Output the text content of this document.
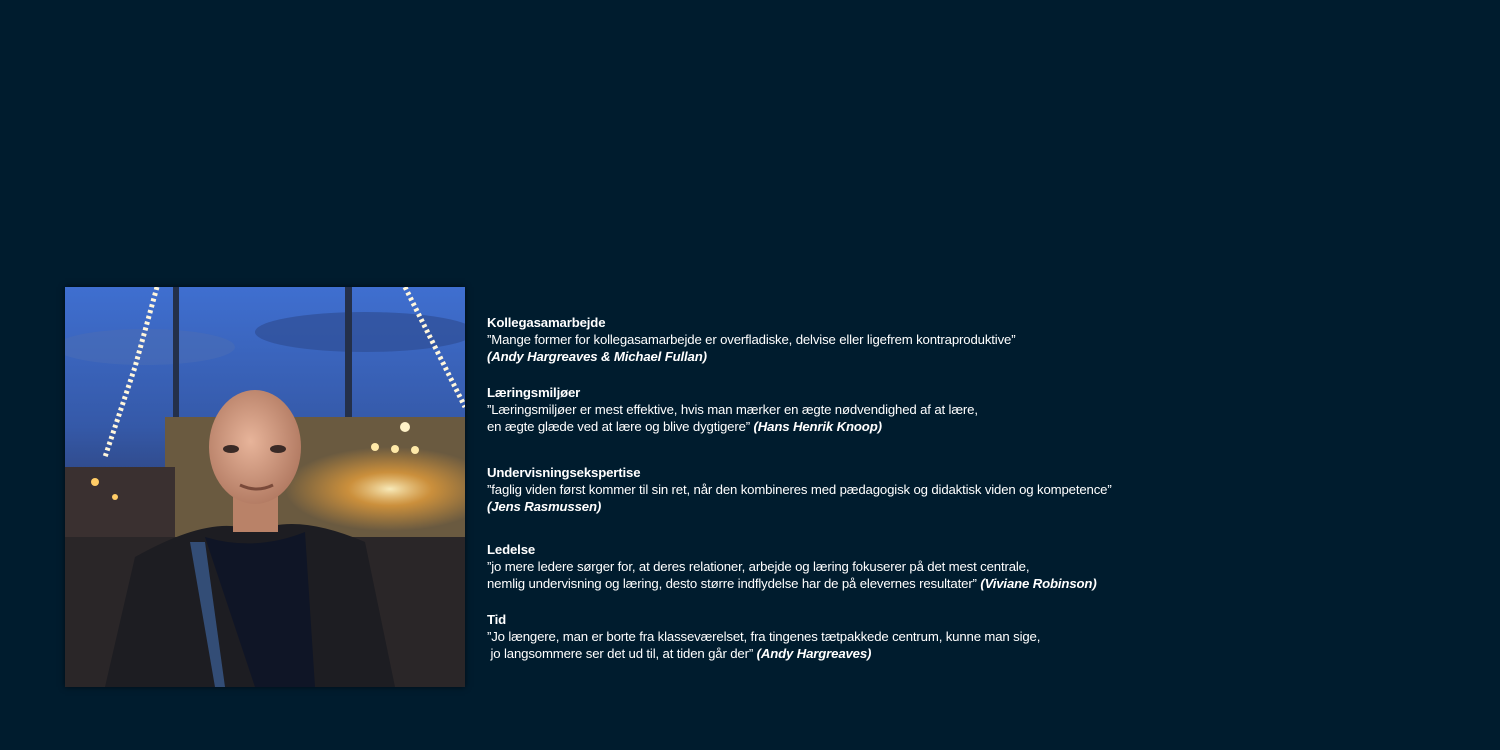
Kollegasamarbejde
”Mange former for kollegasamarbejde er overfladiske, delvise eller ligefrem kontraproduktive”
(Andy Hargreaves & Michael Fullan)
Læringsmiljøer
”Læringsmiljøer er mest effektive, hvis man mærker en ægte nødvendighed af at lære,
en ægte glæde ved at lære og blive dygtigere” (Hans Henrik Knoop)
Undervisningsekspertise
”faglig viden først kommer til sin ret, når den kombineres med pædagogisk og didaktisk viden og kompetence”
(Jens Rasmussen)
Ledelse
”jo mere ledere sørger for, at deres relationer, arbejde og læring fokuserer på det mest centrale,
nemlig undervisning og læring, desto større indflydelse har de på elevernes resultater” (Viviane Robinson)
Tid
”Jo længere, man er borte fra klasseværelset, fra tingenes tætpakkede centrum, kunne man sige,
jo langsommere ser det ud til, at tiden går der” (Andy Hargreaves)
